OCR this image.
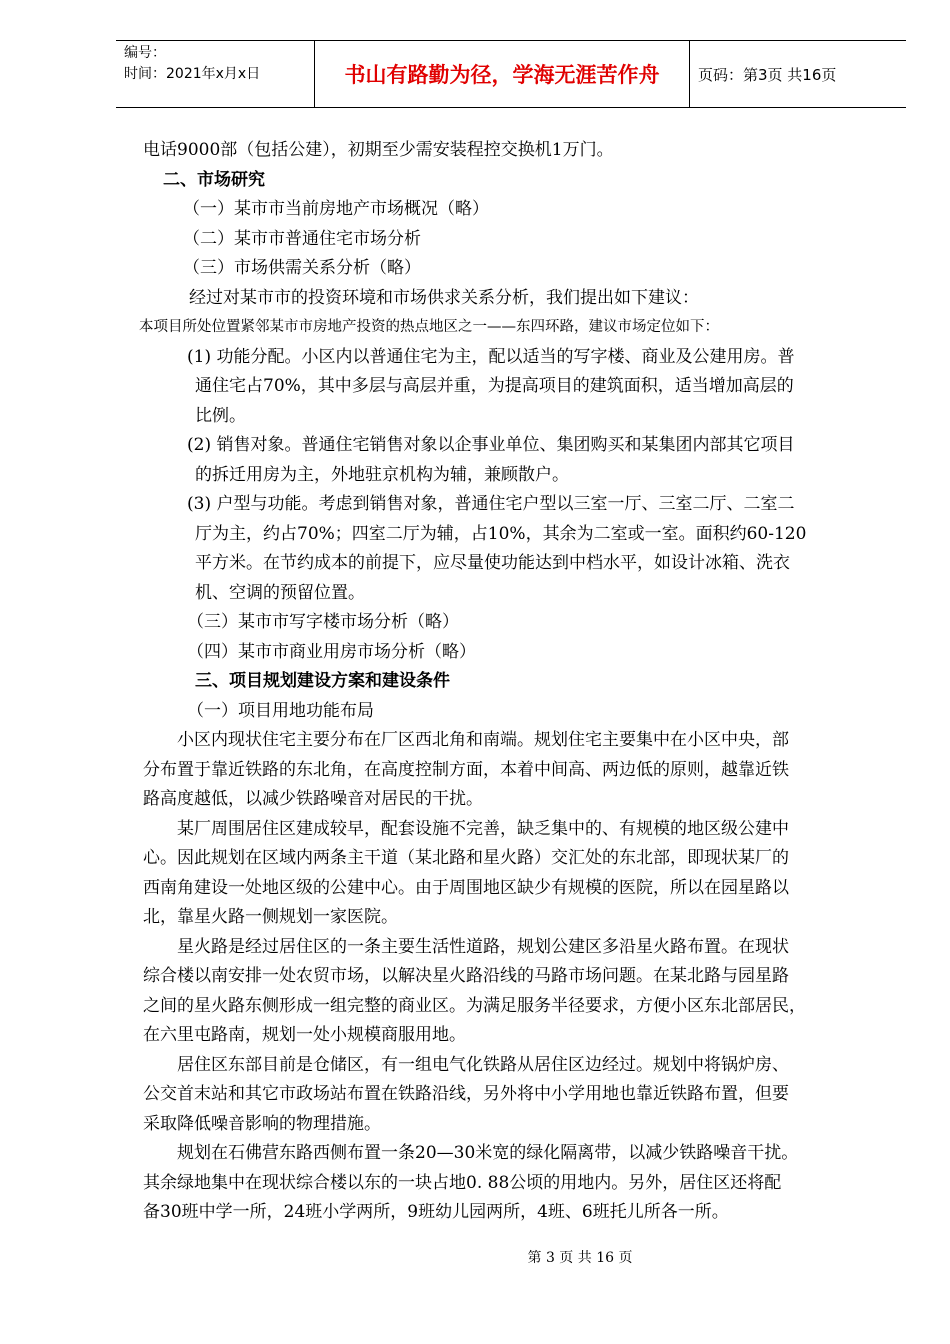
编号：
时间：2021年x月x日	书山有路勤为径，学海无涯苦作舟	页码：第3页 共16页

电话9000部（包括公建），初期至少需安装程控交换机1万门。

二、市场研究

（一）某市市当前房地产市场概况（略）

（二）某市市普通住宅市场分析

（三）市场供需关系分析（略）

经过对某市市的投资环境和市场供求关系分析，我们提出如下建议：

本项目所处位置紧邻某市市房地产投资的热点地区之一——东四环路，建议市场定位如下：

(1) 功能分配。小区内以普通住宅为主，配以适当的写字楼、商业及公建用房。普

通住宅占70%，其中多层与高层并重，为提高项目的建筑面积，适当增加高层的

比例。

(2) 销售对象。普通住宅销售对象以企事业单位、集团购买和某集团内部其它项目

的拆迁用房为主，外地驻京机构为辅，兼顾散户。

(3) 户型与功能。考虑到销售对象，普通住宅户型以三室一厅、三室二厅、二室二

厅为主，约占70%；四室二厅为辅，占10%，其余为二室或一室。面积约60-120

平方米。在节约成本的前提下，应尽量使功能达到中档水平，如设计冰箱、洗衣

机、空调的预留位置。

（三）某市市写字楼市场分析（略）

（四）某市市商业用房市场分析（略）

三、项目规划建设方案和建设条件

（一）项目用地功能布局

小区内现状住宅主要分布在厂区西北角和南端。规划住宅主要集中在小区中央，部

分布置于靠近铁路的东北角，在高度控制方面，本着中间高、两边低的原则，越靠近铁

路高度越低，以减少铁路噪音对居民的干扰。

某厂周围居住区建成较早，配套设施不完善，缺乏集中的、有规模的地区级公建中

心。因此规划在区域内两条主干道（某北路和星火路）交汇处的东北部，即现状某厂的

西南角建设一处地区级的公建中心。由于周围地区缺少有规模的医院，所以在园星路以

北，靠星火路一侧规划一家医院。

星火路是经过居住区的一条主要生活性道路，规划公建区多沿星火路布置。在现状

综合楼以南安排一处农贸市场，以解决星火路沿线的马路市场问题。在某北路与园星路

之间的星火路东侧形成一组完整的商业区。为满足服务半径要求，方便小区东北部居民，

在六里屯路南，规划一处小规模商服用地。

居住区东部目前是仓储区，有一组电气化铁路从居住区边经过。规划中将锅炉房、

公交首末站和其它市政场站布置在铁路沿线，另外将中小学用地也靠近铁路布置，但要

采取降低噪音影响的物理措施。

规划在石佛营东路西侧布置一条20—30米宽的绿化隔离带，以减少铁路噪音干扰。

其余绿地集中在现状综合楼以东的一块占地0. 88公顷的用地内。另外，居住区还将配

备30班中学一所，24班小学两所，9班幼儿园两所，4班、6班托儿所各一所。

第 3 页 共 16 页
